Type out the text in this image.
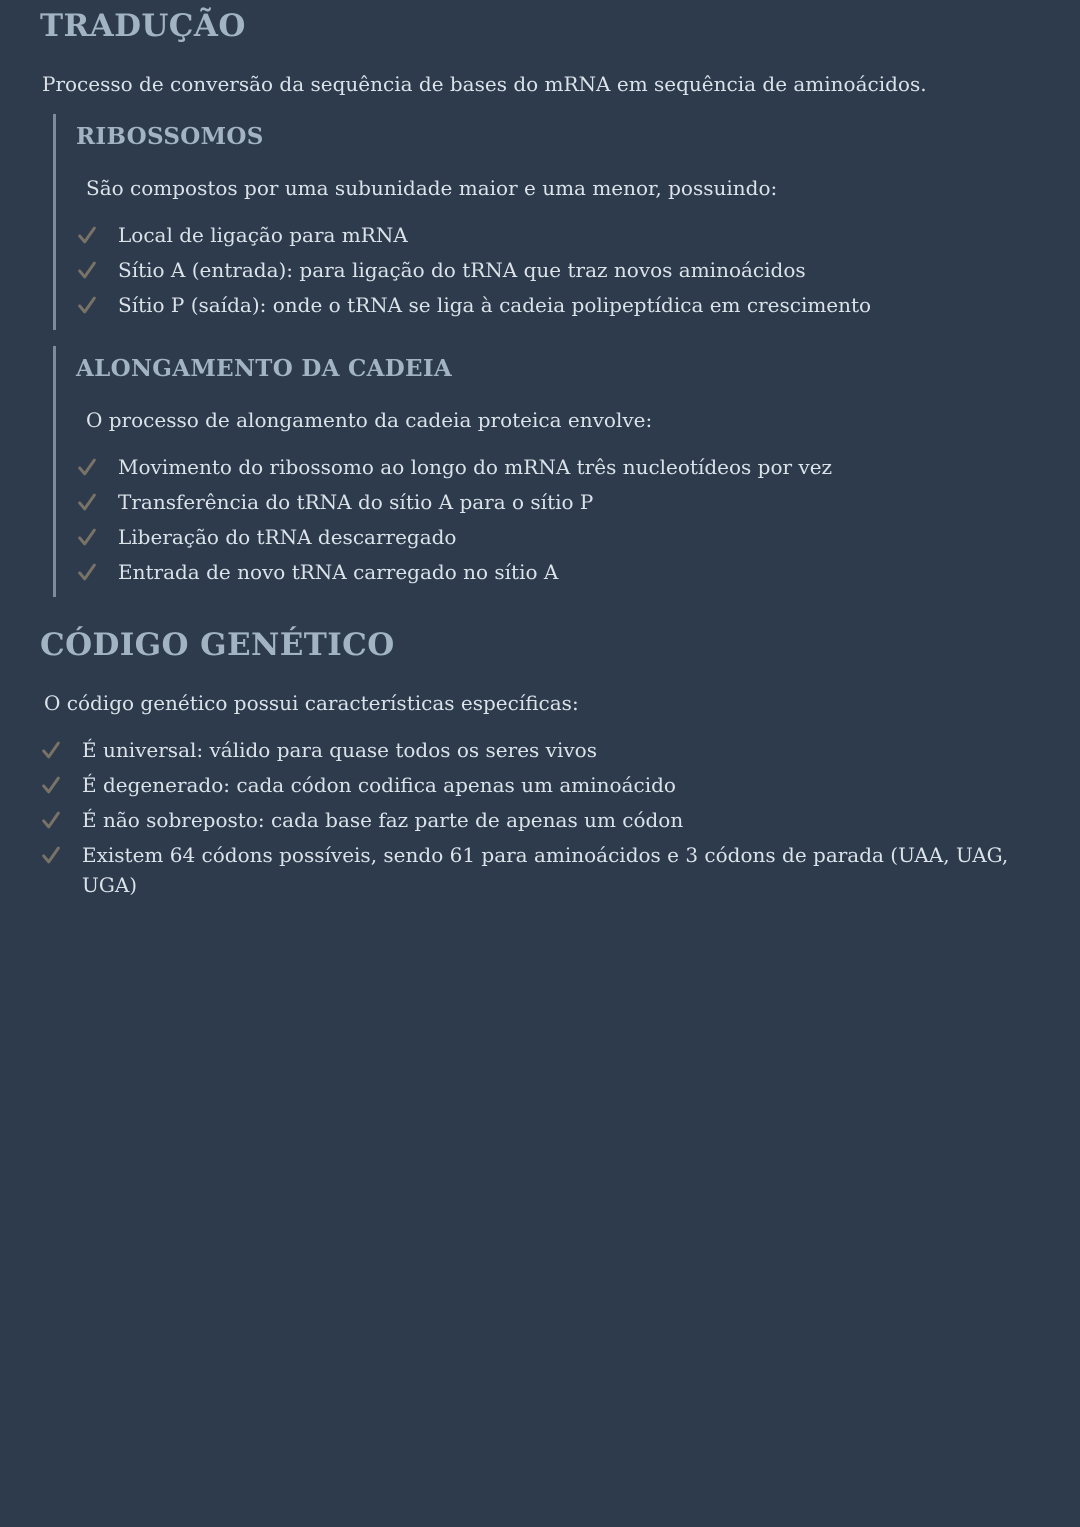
TRADUÇÃO

Processo de conversão da sequência de bases do mRNA em sequência de aminoácidos.

RIBOSSOMOS

São compostos por uma subunidade maior e uma menor, possuindo:

Local de ligação para mRNA
Sítio A (entrada): para ligação do tRNA que traz novos aminoácidos
Sítio P (saída): onde o tRNA se liga à cadeia polipeptídica em crescimento
ALONGAMENTO DA CADEIA

O processo de alongamento da cadeia proteica envolve:

Movimento do ribossomo ao longo do mRNA três nucleotídeos por vez
Transferência do tRNA do sítio A para o sítio P
Liberação do tRNA descarregado
Entrada de novo tRNA carregado no sítio A
CÓDIGO GENÉTICO

O código genético possui características específicas:

É universal: válido para quase todos os seres vivos
É degenerado: cada códon codifica apenas um aminoácido
É não sobreposto: cada base faz parte de apenas um códon
Existem 64 códons possíveis, sendo 61 para aminoácidos e 3 códons de parada (UAA, UAG, UGA)
